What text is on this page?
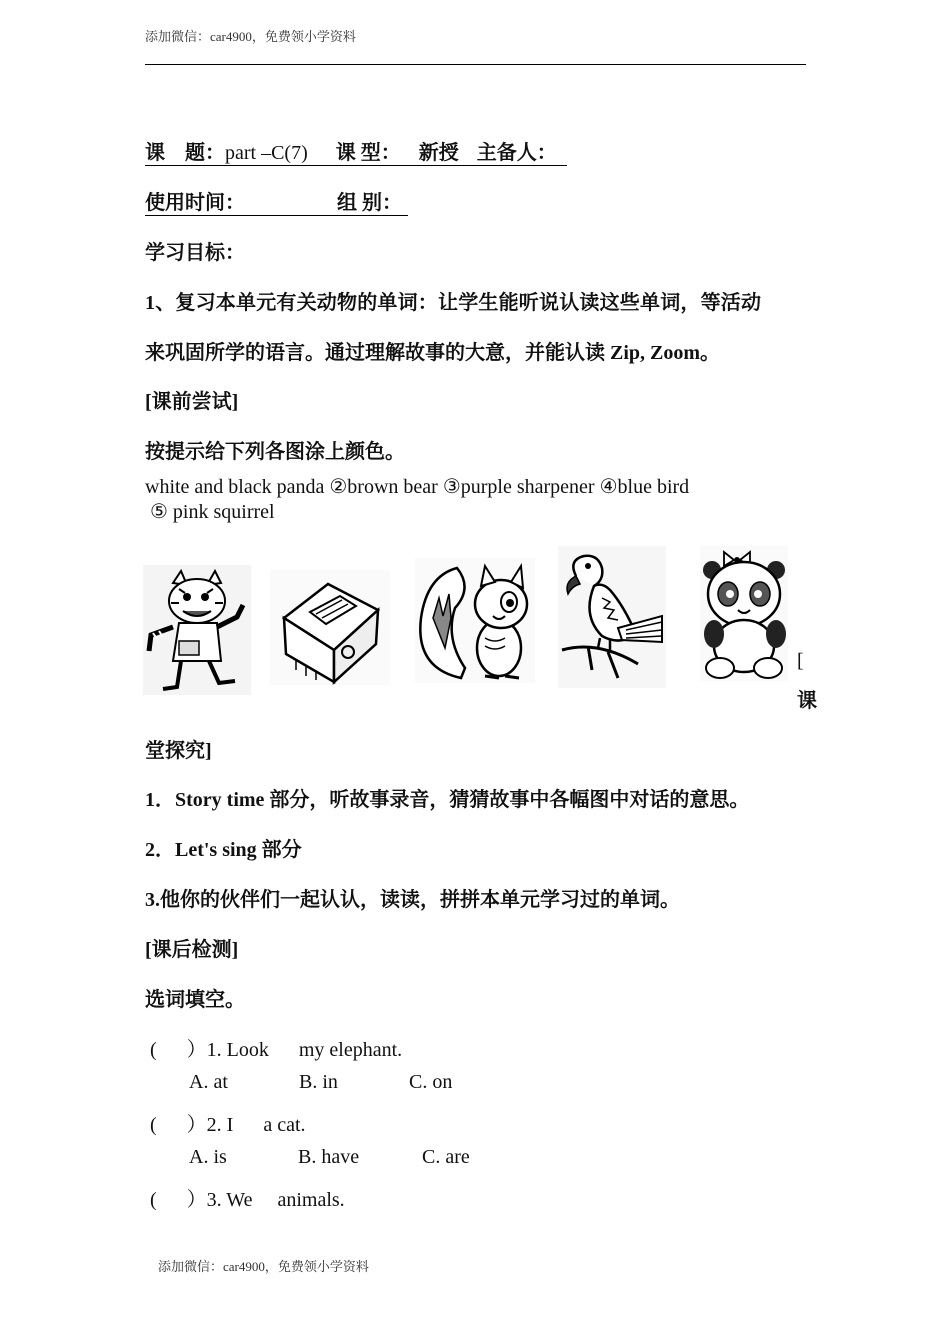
添加微信：car4900，免费领小学资料
课　题：part –C(7) 课 型： 新授 主备人：
使用时间：	组 别：
学习目标：
1、复习本单元有关动物的单词：让学生能听说认读这些单词，等活动
来巩固所学的语言。通过理解故事的大意，并能认读 Zip, Zoom。
[课前尝试]
按提示给下列各图涂上颜色。
white and black panda ②brown bear ③purple sharpener ④blue bird
⑤ pink squirrel
[
课
堂探究]
1．Story time 部分，听故事录音，猜猜故事中各幅图中对话的意思。
2．Let's sing 部分
3.他你的伙伴们一起认认，读读，拼拼本单元学习过的单词。
[课后检测]
选词填空。
(      ）1. Look      my elephant.
A. at	B. in	C. on
(      ）2. I      a cat.
A. is	B. have	C. are
(      ）3. We     animals.
添加微信：car4900，免费领小学资料
